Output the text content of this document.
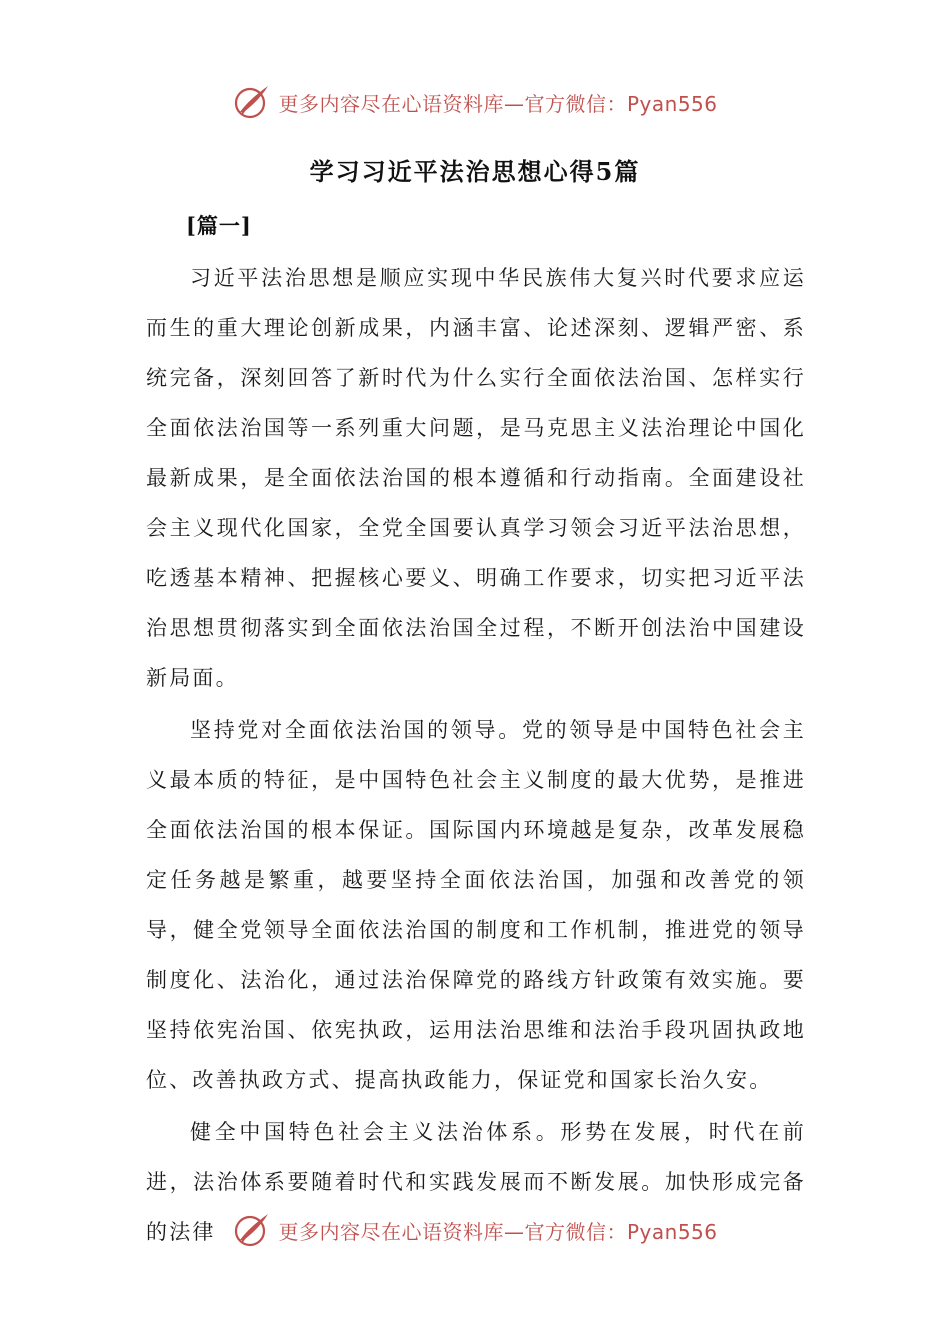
更多内容尽在心语资料库—官方微信：Pyan556
学习习近平法治思想心得5篇
[篇一]

习近平法治思想是顺应实现中华民族伟大复兴时代要求应运而生的重大理论创新成果，内涵丰富、论述深刻、逻辑严密、系统完备，深刻回答了新时代为什么实行全面依法治国、怎样实行全面依法治国等一系列重大问题，是马克思主义法治理论中国化最新成果，是全面依法治国的根本遵循和行动指南。全面建设社会主义现代化国家，全党全国要认真学习领会习近平法治思想，吃透基本精神、把握核心要义、明确工作要求，切实把习近平法治思想贯彻落实到全面依法治国全过程，不断开创法治中国建设新局面。

坚持党对全面依法治国的领导。党的领导是中国特色社会主义最本质的特征，是中国特色社会主义制度的最大优势，是推进全面依法治国的根本保证。国际国内环境越是复杂，改革发展稳定任务越是繁重，越要坚持全面依法治国，加强和改善党的领导，健全党领导全面依法治国的制度和工作机制，推进党的领导制度化、法治化，通过法治保障党的路线方针政策有效实施。要坚持依宪治国、依宪执政，运用法治思维和法治手段巩固执政地位、改善执政方式、提高执政能力，保证党和国家长治久安。

健全中国特色社会主义法治体系。形势在发展，时代在前进，法治体系要随着时代和实践发展而不断发展。加快形成完备的法律	更多内容尽在心语资料库—官方微信：Pyan556
